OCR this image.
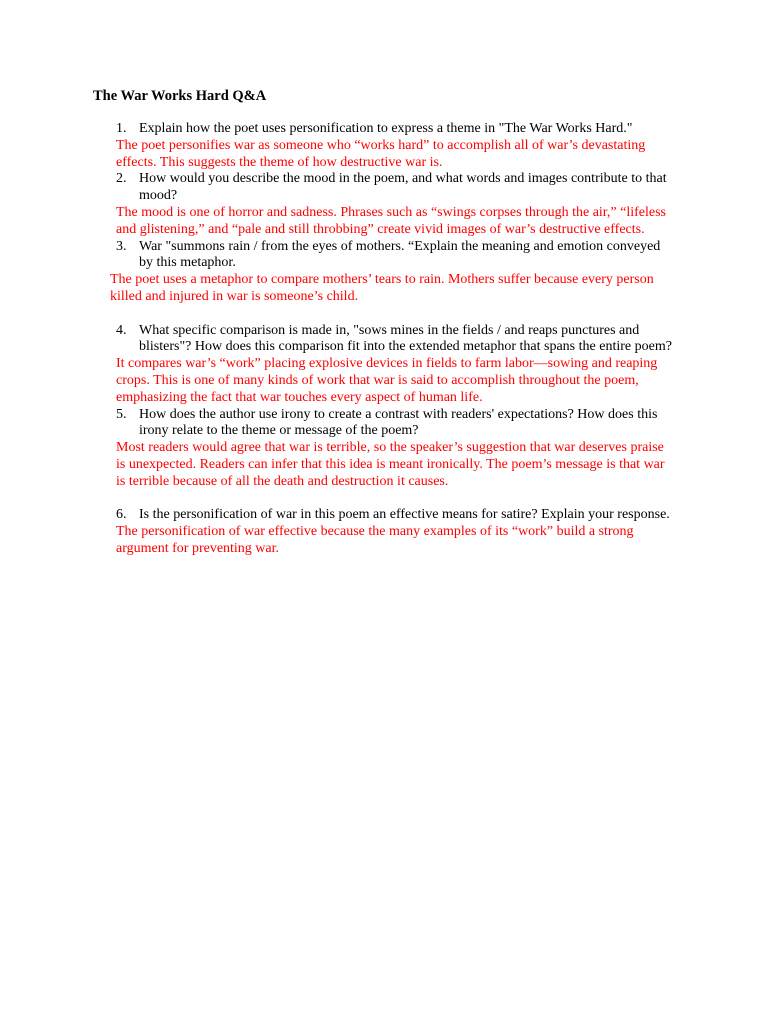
The War Works Hard Q&A
1. Explain how the poet uses personification to express a theme in "The War Works Hard."
The poet personifies war as someone who “works hard” to accomplish all of war’s devastating effects. This suggests the theme of how destructive war is.
2. How would you describe the mood in the poem, and what words and images contribute to that mood?
The mood is one of horror and sadness. Phrases such as “swings corpses through the air,” “lifeless and glistening,” and “pale and still throbbing” create vivid images of war’s destructive effects.
3. War "summons rain / from the eyes of mothers. “Explain the meaning and emotion conveyed by this metaphor.
The poet uses a metaphor to compare mothers’ tears to rain. Mothers suffer because every person killed and injured in war is someone’s child.
4. What specific comparison is made in, "sows mines in the fields / and reaps punctures and blisters"? How does this comparison fit into the extended metaphor that spans the entire poem?
It compares war’s “work” placing explosive devices in fields to farm labor—sowing and reaping crops. This is one of many kinds of work that war is said to accomplish throughout the poem, emphasizing the fact that war touches every aspect of human life.
5. How does the author use irony to create a contrast with readers' expectations? How does this irony relate to the theme or message of the poem?
Most readers would agree that war is terrible, so the speaker’s suggestion that war deserves praise is unexpected. Readers can infer that this idea is meant ironically. The poem’s message is that war is terrible because of all the death and destruction it causes.
6. Is the personification of war in this poem an effective means for satire? Explain your response.
The personification of war effective because the many examples of its “work” build a strong argument for preventing war.
